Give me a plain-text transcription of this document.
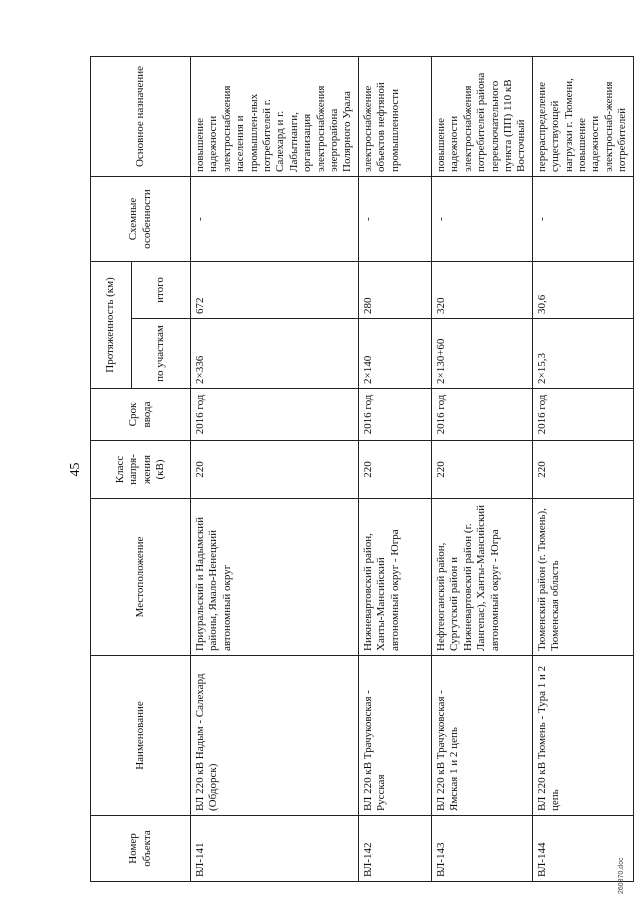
45
Номер объекта	Наименование	Местоположение	Класс напря-жения (кВ)	Срок ввода	Протяженность (км)		Схемные особенности	Основное назначение
					по участкам	итого		
ВЛ-141	ВЛ 220 кВ Надым - Салехард (Обдорск)	Приуральский и Надымский районы, Ямало-Ненецкий автономный округ	220	2016 год	2×336	672	-	повышение надежности электроснабжения населения и промышлен-ных потребителей г. Салехард и г. Лабытнанги, организация электроснабжения энергорайона Полярного Урала
ВЛ-142	ВЛ 220 кВ Трачуковская - Русская	Нижневартовский район, Ханты-Мансийский автономный округ - Югра	220	2016 год	2×140	280	-	электроснабжение объектов нефтяной промышленности
ВЛ-143	ВЛ 220 кВ Трачуковская - Ямская 1 и 2 цепь	Нефтеюганский район, Сургутский район и Нижневартовский район (г. Лангепас), Ханты-Мансийский автономный округ - Югра	220	2016 год	2×130+60	320	-	повышение надежности электроснабжения потребителей района переключательного пункта (ПП) 110 кВ Восточный
ВЛ-144	ВЛ 220 кВ Тюмень - Тура 1 и 2 цепь	Тюменский район (г. Тюмень), Тюменская область	220	2016 год	2×15,3	30,6	-	перераспределение существующей нагрузки г. Тюмени, повышение надежности электроснаб-жения потребителей
260370.doc
